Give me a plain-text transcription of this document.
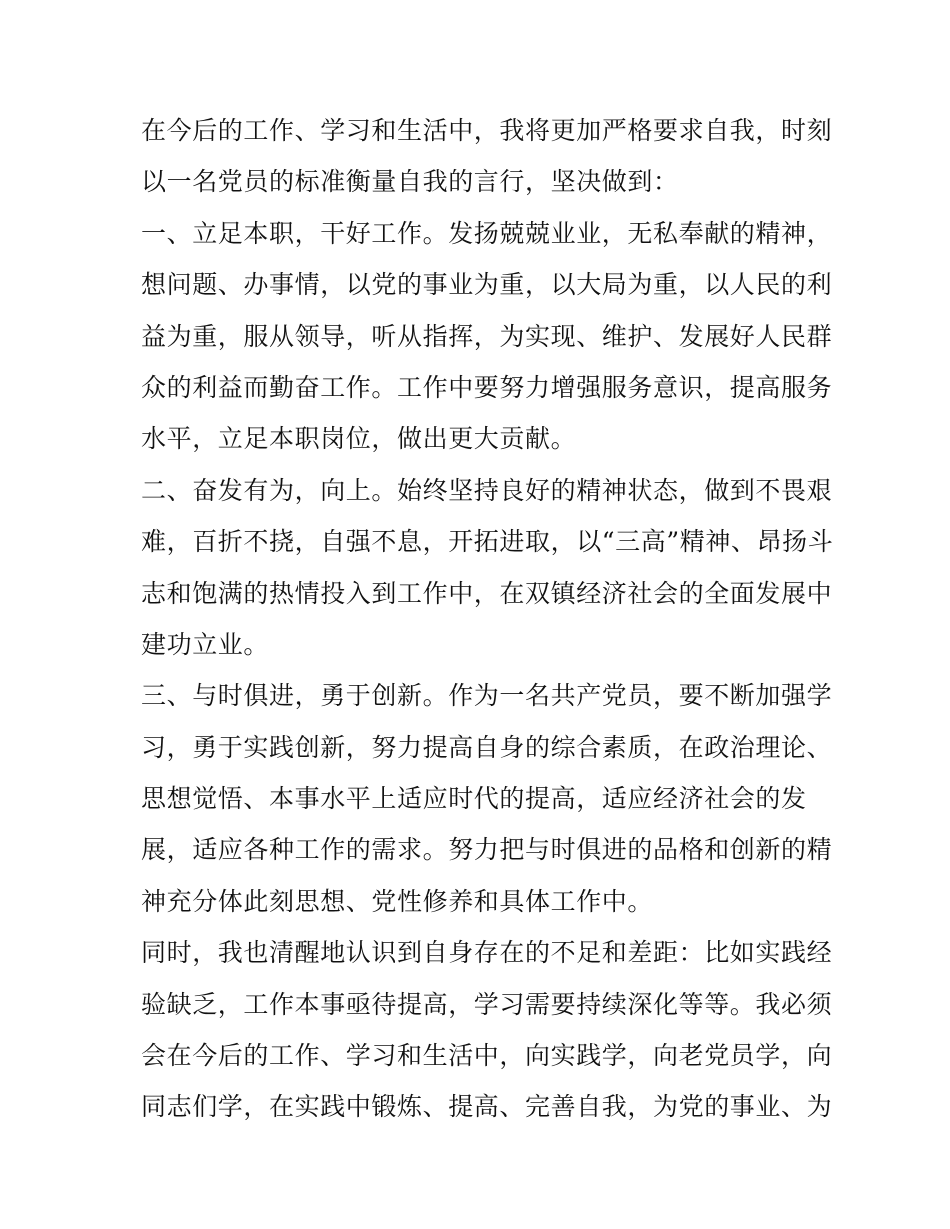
在今后的工作、学习和生活中，我将更加严格要求自我，时刻
以一名党员的标准衡量自我的言行，坚决做到：
一、立足本职，干好工作。发扬兢兢业业，无私奉献的精神，
想问题、办事情，以党的事业为重，以大局为重，以人民的利
益为重，服从领导，听从指挥，为实现、维护、发展好人民群
众的利益而勤奋工作。工作中要努力增强服务意识，提高服务
水平，立足本职岗位，做出更大贡献。
二、奋发有为，向上。始终坚持良好的精神状态，做到不畏艰
难，百折不挠，自强不息，开拓进取，以“三高”精神、昂扬斗
志和饱满的热情投入到工作中，在双镇经济社会的全面发展中
建功立业。
三、与时俱进，勇于创新。作为一名共产党员，要不断加强学
习，勇于实践创新，努力提高自身的综合素质，在政治理论、
思想觉悟、本事水平上适应时代的提高，适应经济社会的发
展，适应各种工作的需求。努力把与时俱进的品格和创新的精
神充分体此刻思想、党性修养和具体工作中。
同时，我也清醒地认识到自身存在的不足和差距：比如实践经
验缺乏，工作本事亟待提高，学习需要持续深化等等。我必须
会在今后的工作、学习和生活中，向实践学，向老党员学，向
同志们学，在实践中锻炼、提高、完善自我，为党的事业、为
